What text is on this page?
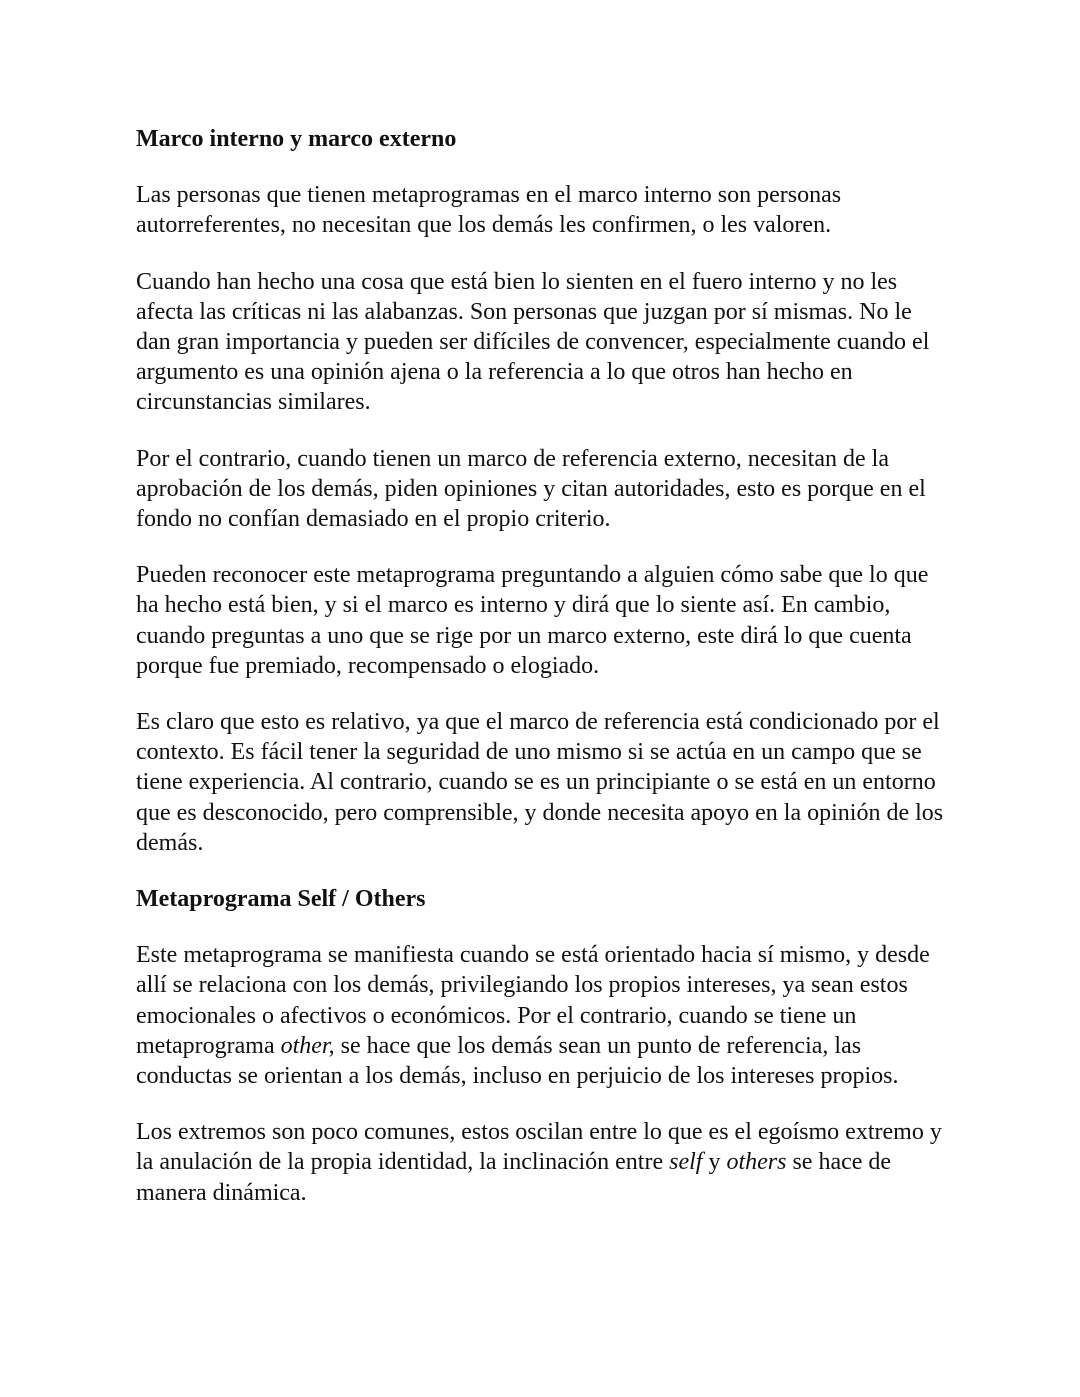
Marco interno y marco externo

Las personas que tienen metaprogramas en el marco interno son personas autorreferentes, no necesitan que los demás les confirmen, o les valoren.

Cuando han hecho una cosa que está bien lo sienten en el fuero interno y no les afecta las críticas ni las alabanzas. Son personas que juzgan por sí mismas. No le dan gran importancia y pueden ser difíciles de convencer, especialmente cuando el argumento es una opinión ajena o la referencia a lo que otros han hecho en circunstancias similares.

Por el contrario, cuando tienen un marco de referencia externo, necesitan de la aprobación de los demás, piden opiniones y citan autoridades, esto es porque en el fondo no confían demasiado en el propio criterio.

Pueden reconocer este metaprograma preguntando a alguien cómo sabe que lo que ha hecho está bien, y si el marco es interno y dirá que lo siente así. En cambio, cuando preguntas a uno que se rige por un marco externo, este dirá lo que cuenta porque fue premiado, recompensado o elogiado.

Es claro que esto es relativo, ya que el marco de referencia está condicionado por el contexto. Es fácil tener la seguridad de uno mismo si se actúa en un campo que se tiene experiencia. Al contrario, cuando se es un principiante o se está en un entorno que es desconocido, pero comprensible, y donde necesita apoyo en la opinión de los demás.

Metaprograma Self / Others

Este metaprograma se manifiesta cuando se está orientado hacia sí mismo, y desde allí se relaciona con los demás, privilegiando los propios intereses, ya sean estos emocionales o afectivos o económicos. Por el contrario, cuando se tiene un metaprograma other, se hace que los demás sean un punto de referencia, las conductas se orientan a los demás, incluso en perjuicio de los intereses propios.

Los extremos son poco comunes, estos oscilan entre lo que es el egoísmo extremo y la anulación de la propia identidad, la inclinación entre self y others se hace de manera dinámica.
